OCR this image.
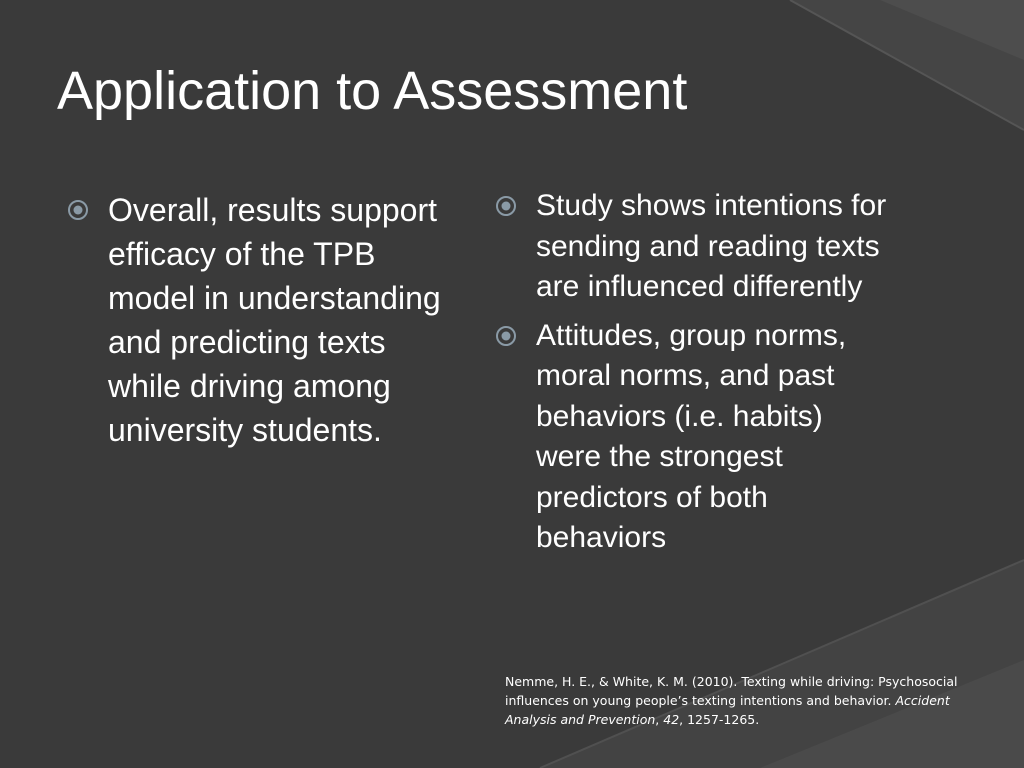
Application to Assessment
Overall, results support efficacy of the TPB model in understanding and predicting texts while driving among university students.
Study shows intentions for sending and reading texts are influenced differently
Attitudes, group norms, moral norms, and past behaviors (i.e. habits) were the strongest predictors of both behaviors

Nemme, H. E., & White, K. M. (2010). Texting while driving: Psychosocial influences on young people’s texting intentions and behavior. Accident Analysis and Prevention, 42, 1257-1265.
